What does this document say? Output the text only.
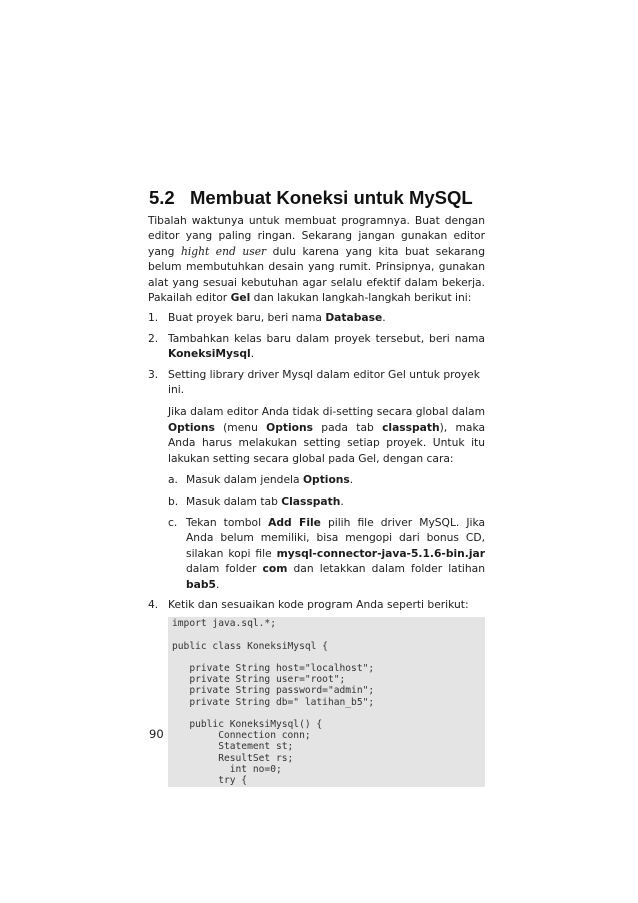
5.2 Membuat Koneksi untuk MySQL

Tibalah waktunya untuk membuat programnya. Buat dengan editor yang paling ringan. Sekarang jangan gunakan editor yang hight end user dulu karena yang kita buat sekarang belum membutuhkan desain yang rumit. Prinsipnya, gunakan alat yang sesuai kebutuhan agar selalu efektif dalam bekerja. Pakailah editor Gel dan lakukan langkah-langkah berikut ini:

1. Buat proyek baru, beri nama Database.
2. Tambahkan kelas baru dalam proyek tersebut, beri nama KoneksiMysql.
3. Setting library driver Mysql dalam editor Gel untuk proyek ini.

Jika dalam editor Anda tidak di-setting secara global dalam Options (menu Options pada tab classpath), maka Anda harus melakukan setting setiap proyek. Untuk itu lakukan setting secara global pada Gel, dengan cara:

a. Masuk dalam jendela Options.
b. Masuk dalam tab Classpath.
c. Tekan tombol Add File pilih file driver MySQL. Jika Anda belum memiliki, bisa mengopi dari bonus CD, silakan kopi file mysql-connector-java-5.1.6-bin.jar dalam folder com dan letakkan dalam folder latihan bab5.
4. Ketik dan sesuaikan kode program Anda seperti berikut:
import java.sql.*;
public class KoneksiMysql {
private String host="localhost";
private String user="root";
private String password="admin";
private String db=" latihan_b5";
public KoneksiMysql() {
Connection conn;
Statement st;
ResultSet rs;
int no=0;
try {
90
